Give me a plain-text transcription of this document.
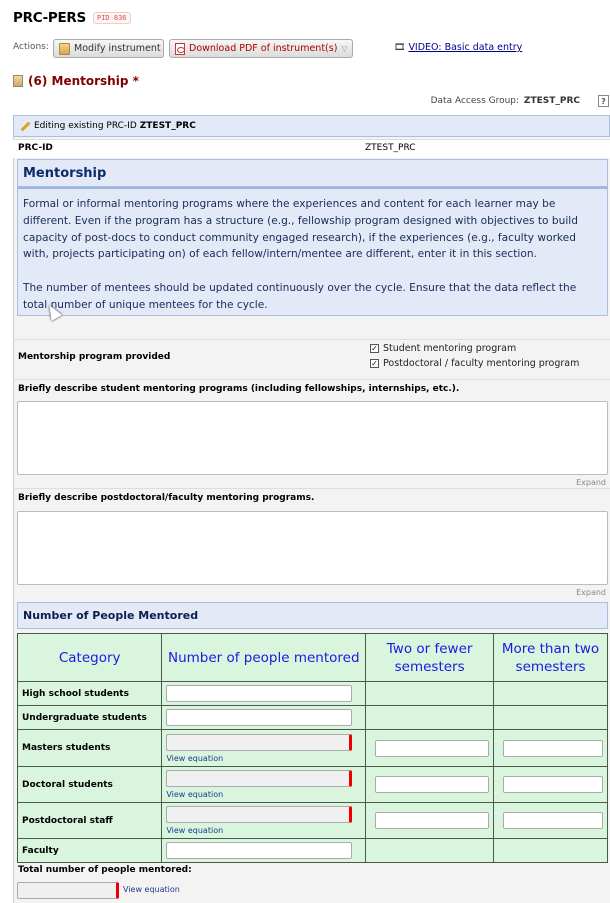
PRC-PERS	PID 836
Actions:	Modify instrument	Download PDF of instrument(s) ▽	🎞 VIDEO: Basic data entry
(6) Mentorship *
Data Access Group: ZTEST_PRC	?
Editing existing PRC-ID ZTEST_PRC
PRC-ID	ZTEST_PRC
Mentorship

Formal or informal mentoring programs where the experiences and content for each learner may be different. Even if the program has a structure (e.g., fellowship program designed with objectives to build capacity of post-docs to conduct community engaged research), if the experiences (e.g., faculty worked with, projects participating on) of each fellow/intern/mentee are different, enter it in this section.

The number of mentees should be updated continuously over the cycle. Ensure that the data reflect the total number of unique mentees for the cycle.

Mentorship program provided
✓ Student mentoring program
✓ Postdoctoral / faculty mentoring program
Briefly describe student mentoring programs (including fellowships, internships, etc.).
Expand
Briefly describe postdoctoral/faculty mentoring programs.
Expand
Number of People Mentored
Category	Number of people mentored	Two or fewer semesters	More than two semesters
High school students	

Undergraduate students	

Masters students	View equation		

Doctoral students	View equation		

Postdoctoral staff	View equation		

Faculty	

Total number of people mentored:
View equation
